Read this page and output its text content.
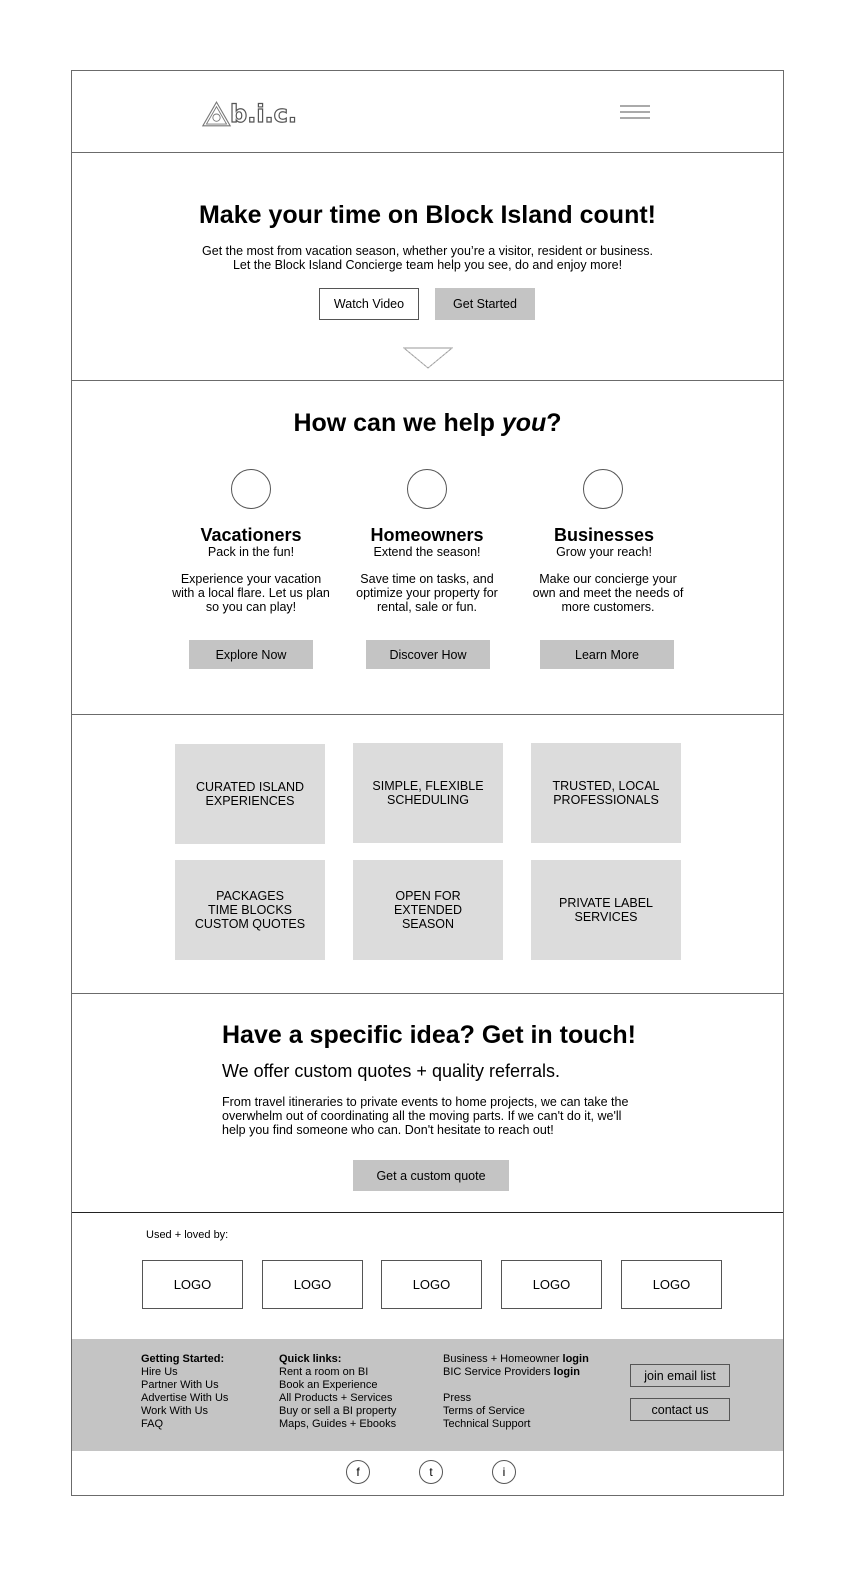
b.i.c.
Make your time on Block Island count!
Get the most from vacation season, whether you’re a visitor, resident or business.
Let the Block Island Concierge team help you see, do and enjoy more!
Watch Video	Get Started
How can we help you?
Vacationers
Pack in the fun!
Experience your vacation with a local flare. Let us plan so you can play!
Explore Now
Homeowners
Extend the season!
Save time on tasks, and optimize your property for rental, sale or fun.
Discover How
Businesses
Grow your reach!
Make our concierge your own and meet the needs of more customers.
Learn More
CURATED ISLAND
EXPERIENCES
SIMPLE, FLEXIBLE
SCHEDULING
TRUSTED, LOCAL
PROFESSIONALS
PACKAGES
TIME BLOCKS
CUSTOM QUOTES
OPEN FOR
EXTENDED
SEASON
PRIVATE LABEL
SERVICES
Have a specific idea? Get in touch!
We offer custom quotes + quality referrals.
From travel itineraries to private events to home projects, we can take the overwhelm out of coordinating all the moving parts. If we can't do it, we'll help you find someone who can. Don't hesitate to reach out!
Get a custom quote
Used + loved by:
LOGO	LOGO	LOGO	LOGO	LOGO
Getting Started:
Hire Us
Partner With Us
Advertise With Us
Work With Us
FAQ
Quick links:
Rent a room on BI
Book an Experience
All Products + Services
Buy or sell a BI property
Maps, Guides + Ebooks
Business + Homeowner login
BIC Service Providers login
Press
Terms of Service
Technical Support
join email list
contact us
f	t	i
